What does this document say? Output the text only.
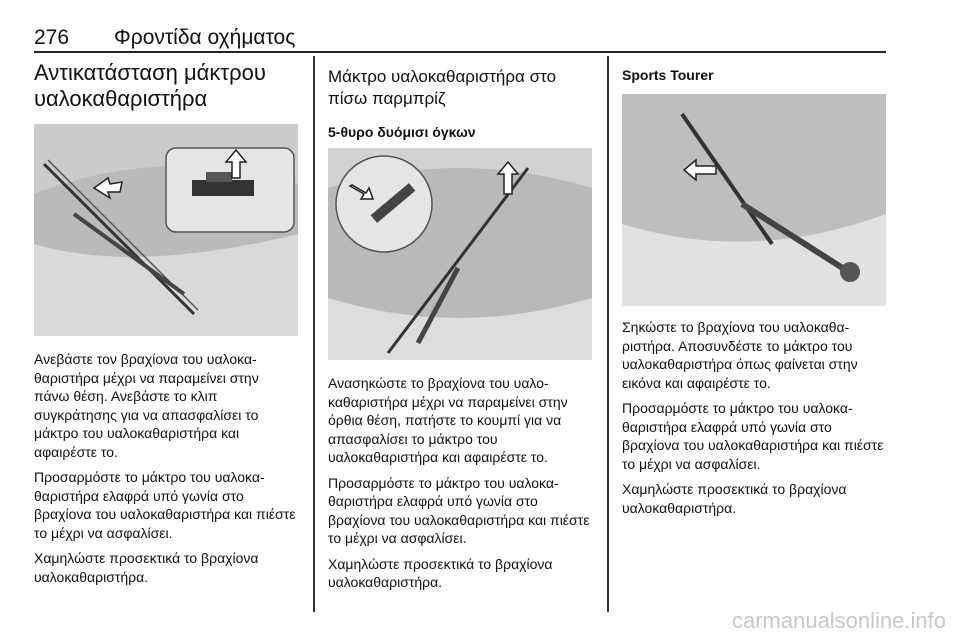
276 Φροντίδα οχήματος
Αντικατάσταση μάκτρου υαλοκαθαριστήρα

Ανεβάστε τον βραχίονα του υαλοκα-θαριστήρα μέχρι να παραμείνει στην πάνω θέση. Ανεβάστε το κλιπ συγκράτησης για να απασφαλίσει το μάκτρο του υαλοκαθαριστήρα και αφαιρέστε το.

Προσαρμόστε το μάκτρο του υαλοκα-θαριστήρα ελαφρά υπό γωνία στο βραχίονα του υαλοκαθαριστήρα και πιέστε το μέχρι να ασφαλίσει.

Χαμηλώστε προσεκτικά το βραχίονα υαλοκαθαριστήρα.

Μάκτρο υαλοκαθαριστήρα στο πίσω παρμπρίζ
5-θυρο δυόμισι όγκων

Ανασηκώστε το βραχίονα του υαλο-καθαριστήρα μέχρι να παραμείνει στην όρθια θέση, πατήστε το κουμπί για να απασφαλίσει το μάκτρο του υαλοκαθαριστήρα και αφαιρέστε το.

Προσαρμόστε το μάκτρο του υαλοκα-θαριστήρα ελαφρά υπό γωνία στο βραχίονα του υαλοκαθαριστήρα και πιέστε το μέχρι να ασφαλίσει.

Χαμηλώστε προσεκτικά το βραχίονα υαλοκαθαριστήρα.

Sports Tourer

Σηκώστε το βραχίονα του υαλοκαθα-ριστήρα. Αποσυνδέστε το μάκτρο του υαλοκαθαριστήρα όπως φαίνεται στην εικόνα και αφαιρέστε το.

Προσαρμόστε το μάκτρο του υαλοκα-θαριστήρα ελαφρά υπό γωνία στο βραχίονα του υαλοκαθαριστήρα και πιέστε το μέχρι να ασφαλίσει.

Χαμηλώστε προσεκτικά το βραχίονα υαλοκαθαριστήρα.

carmanualsonline.info
